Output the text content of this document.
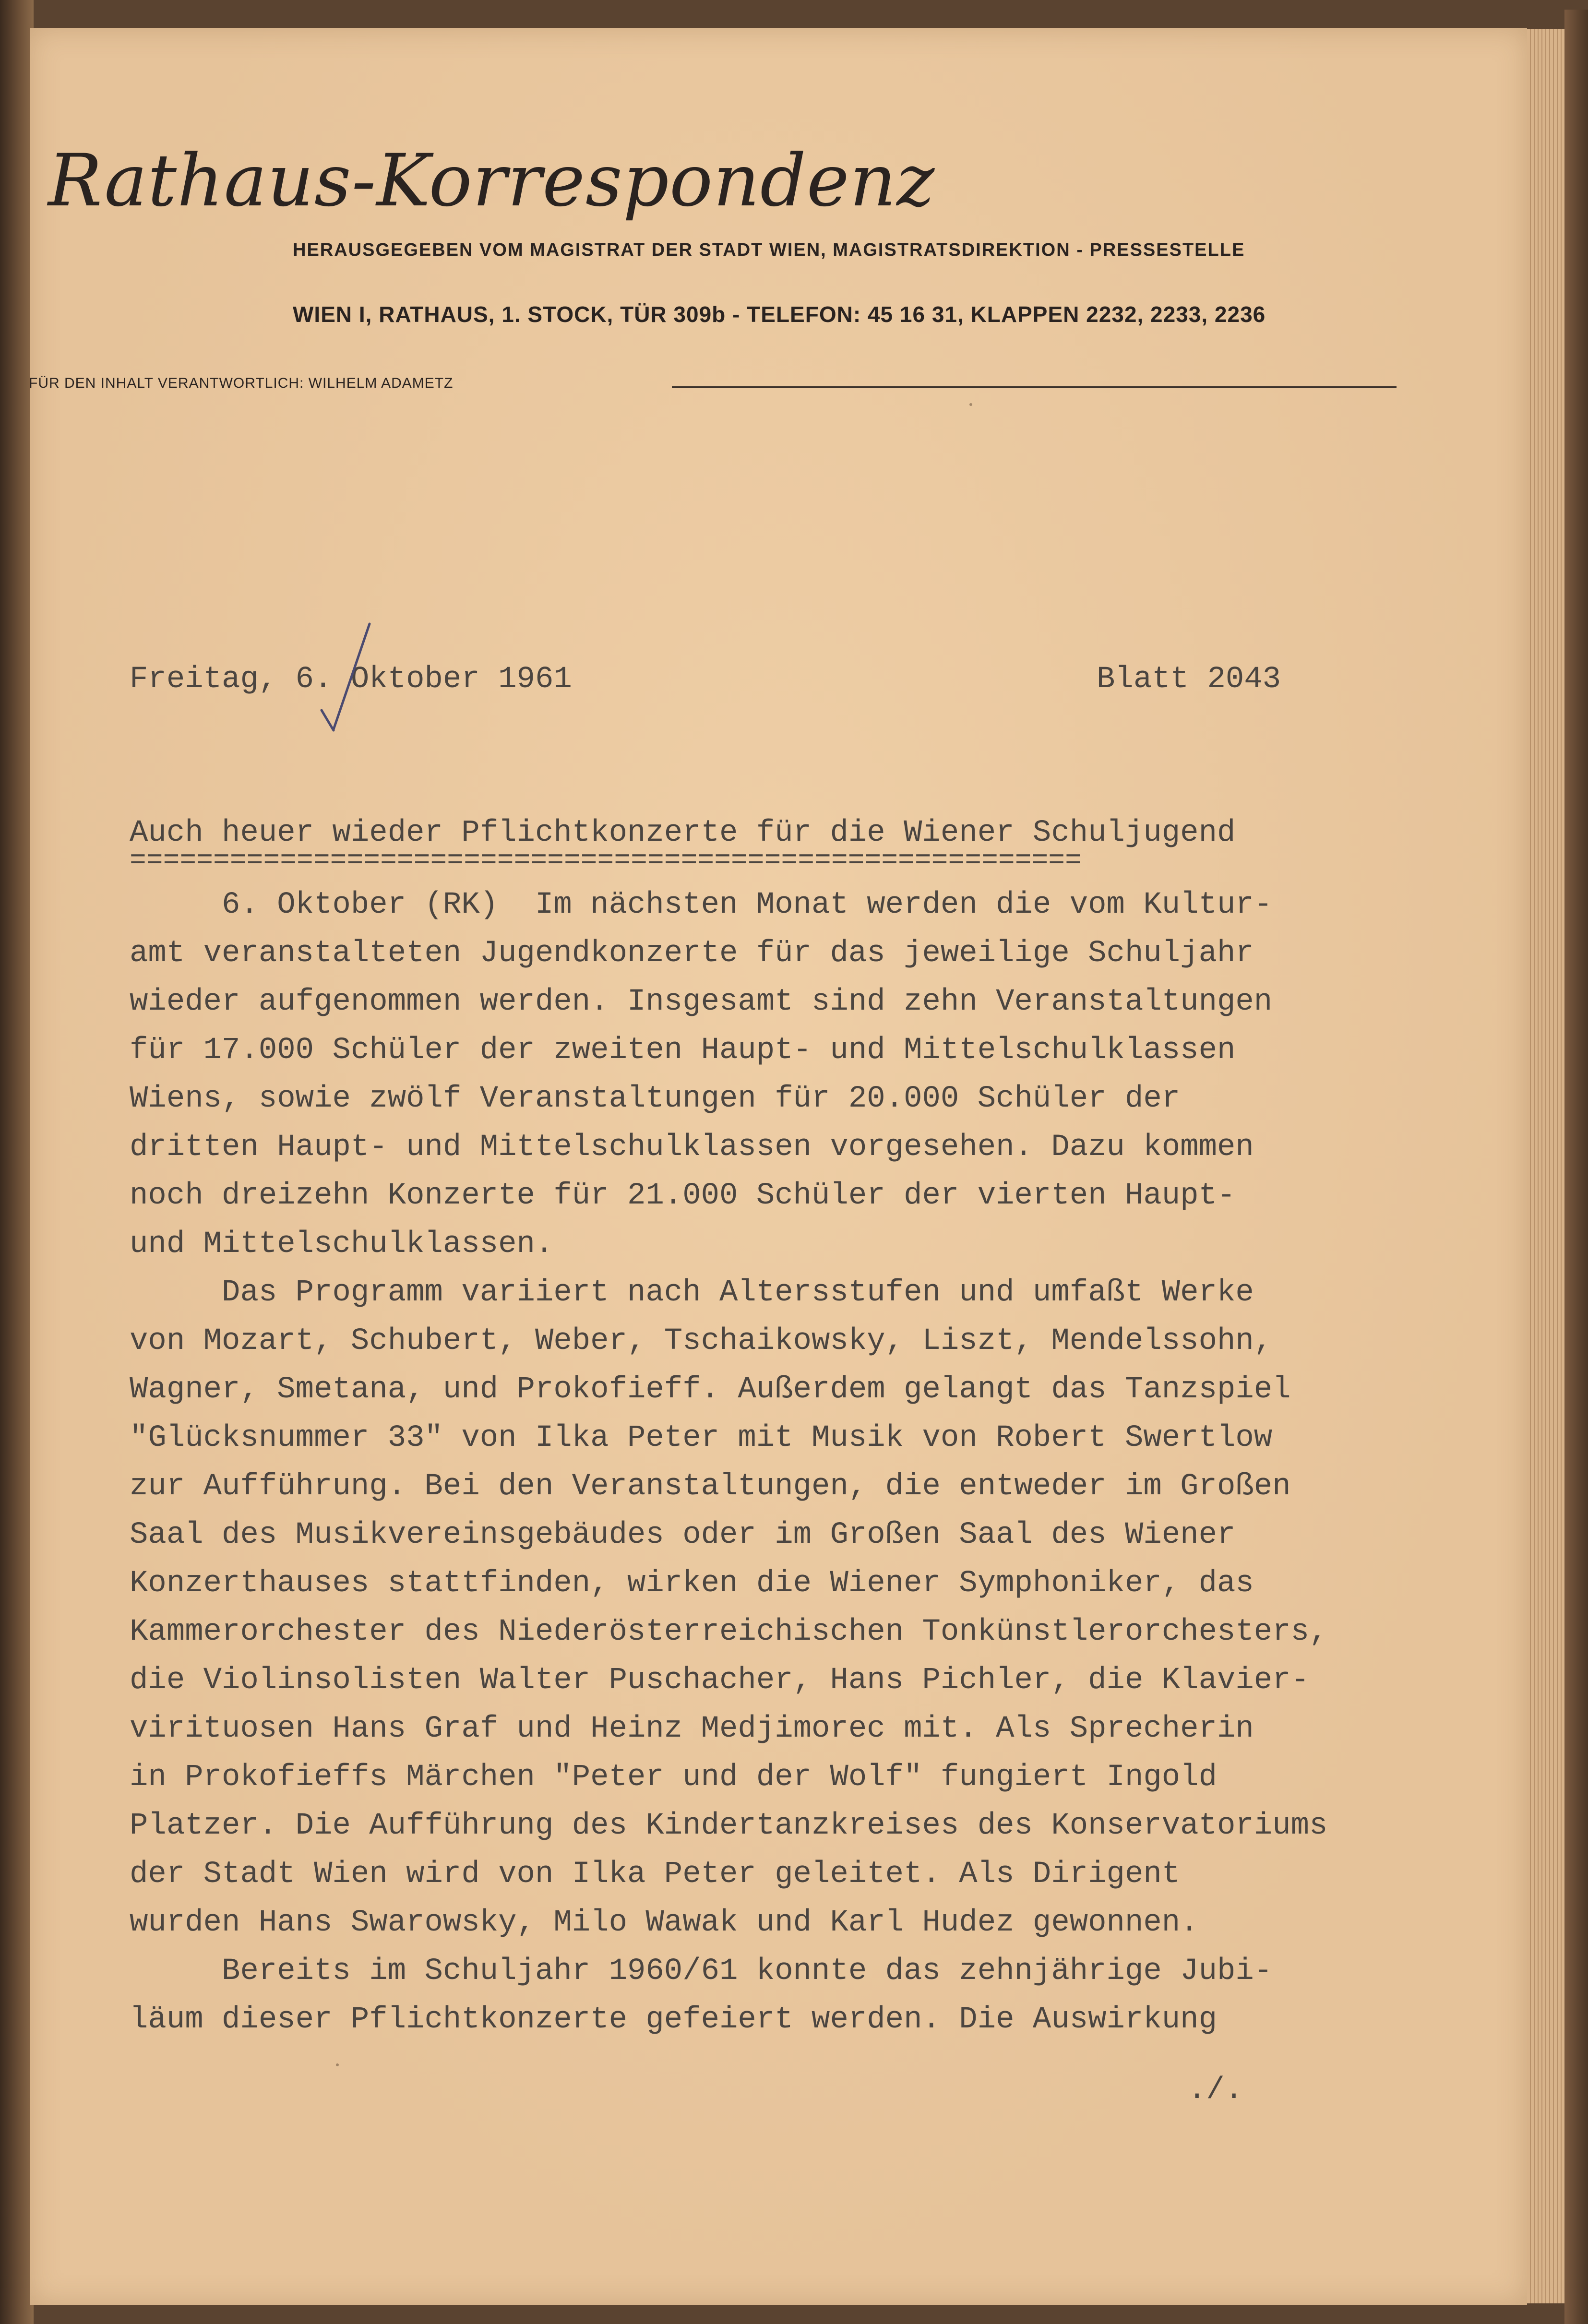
Rathaus-Korrespondenz
HERAUSGEGEBEN VOM MAGISTRAT DER STADT WIEN, MAGISTRATSDIREKTION - PRESSESTELLE
WIEN I, RATHAUS, 1. STOCK, TÜR 309b - TELEFON: 45 16 31, KLAPPEN 2232, 2233, 2236
FÜR DEN INHALT VERANTWORTLICH: WILHELM ADAMETZ
Freitag, 6. Oktober 1961	Blatt 2043
Auch heuer wieder Pflichtkonzerte für die Wiener Schuljugend
=========================================================
6. Oktober (RK)  Im nächsten Monat werden die vom Kultur-
amt veranstalteten Jugendkonzerte für das jeweilige Schuljahr
wieder aufgenommen werden. Insgesamt sind zehn Veranstaltungen
für 17.000 Schüler der zweiten Haupt- und Mittelschulklassen
Wiens, sowie zwölf Veranstaltungen für 20.000 Schüler der
dritten Haupt- und Mittelschulklassen vorgesehen. Dazu kommen
noch dreizehn Konzerte für 21.000 Schüler der vierten Haupt-
und Mittelschulklassen.
Das Programm variiert nach Altersstufen und umfaßt Werke
von Mozart, Schubert, Weber, Tschaikowsky, Liszt, Mendelssohn,
Wagner, Smetana, und Prokofieff. Außerdem gelangt das Tanzspiel
"Glücksnummer 33" von Ilka Peter mit Musik von Robert Swertlow
zur Aufführung. Bei den Veranstaltungen, die entweder im Großen
Saal des Musikvereinsgebäudes oder im Großen Saal des Wiener
Konzerthauses stattfinden, wirken die Wiener Symphoniker, das
Kammerorchester des Niederösterreichischen Tonkünstlerorchesters,
die Violinsolisten Walter Puschacher, Hans Pichler, die Klavier-
virituosen Hans Graf und Heinz Medjimorec mit. Als Sprecherin
in Prokofieffs Märchen "Peter und der Wolf" fungiert Ingold
Platzer. Die Aufführung des Kindertanzkreises des Konservatoriums
der Stadt Wien wird von Ilka Peter geleitet. Als Dirigent
wurden Hans Swarowsky, Milo Wawak und Karl Hudez gewonnen.
Bereits im Schuljahr 1960/61 konnte das zehnjährige Jubi-
läum dieser Pflichtkonzerte gefeiert werden. Die Auswirkung
./.
